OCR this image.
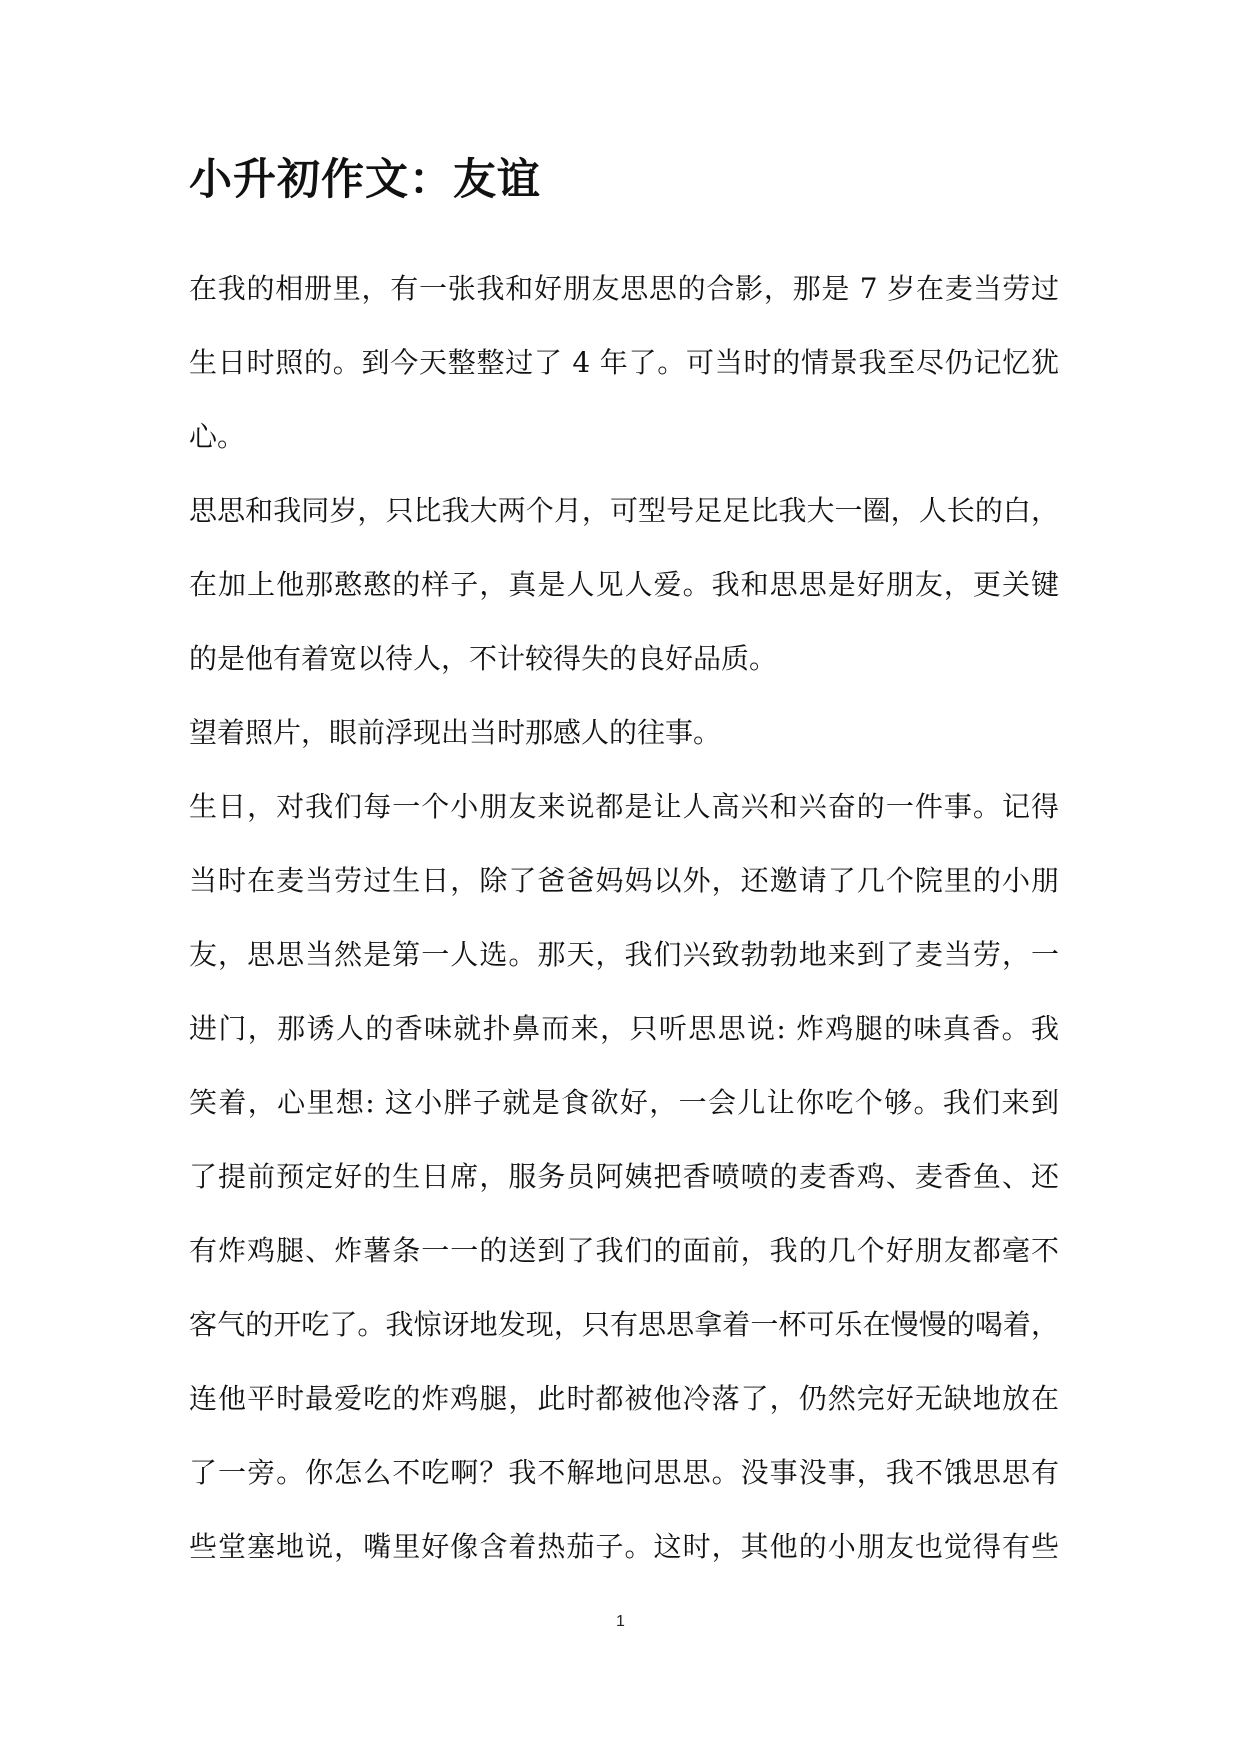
小升初作文：友谊

在我的相册里，有一张我和好朋友思思的合影，那是 7 岁在麦当劳过
生日时照的。到今天整整过了 4 年了。可当时的情景我至尽仍记忆犹
心。

思思和我同岁，只比我大两个月，可型号足足比我大一圈，人长的白，
在加上他那憨憨的样子，真是人见人爱。我和思思是好朋友，更关键
的是他有着宽以待人，不计较得失的良好品质。

望着照片，眼前浮现出当时那感人的往事。

生日，对我们每一个小朋友来说都是让人高兴和兴奋的一件事。记得
当时在麦当劳过生日，除了爸爸妈妈以外，还邀请了几个院里的小朋
友，思思当然是第一人选。那天，我们兴致勃勃地来到了麦当劳，一
进门，那诱人的香味就扑鼻而来，只听思思说: 炸鸡腿的味真香。我
笑着，心里想: 这小胖子就是食欲好，一会儿让你吃个够。我们来到
了提前预定好的生日席，服务员阿姨把香喷喷的麦香鸡、麦香鱼、还
有炸鸡腿、炸薯条一一的送到了我们的面前，我的几个好朋友都毫不
客气的开吃了。我惊讶地发现，只有思思拿着一杯可乐在慢慢的喝着，
连他平时最爱吃的炸鸡腿，此时都被他冷落了，仍然完好无缺地放在
了一旁。你怎么不吃啊？我不解地问思思。没事没事，我不饿思思有
些堂塞地说，嘴里好像含着热茄子。这时，其他的小朋友也觉得有些

1
